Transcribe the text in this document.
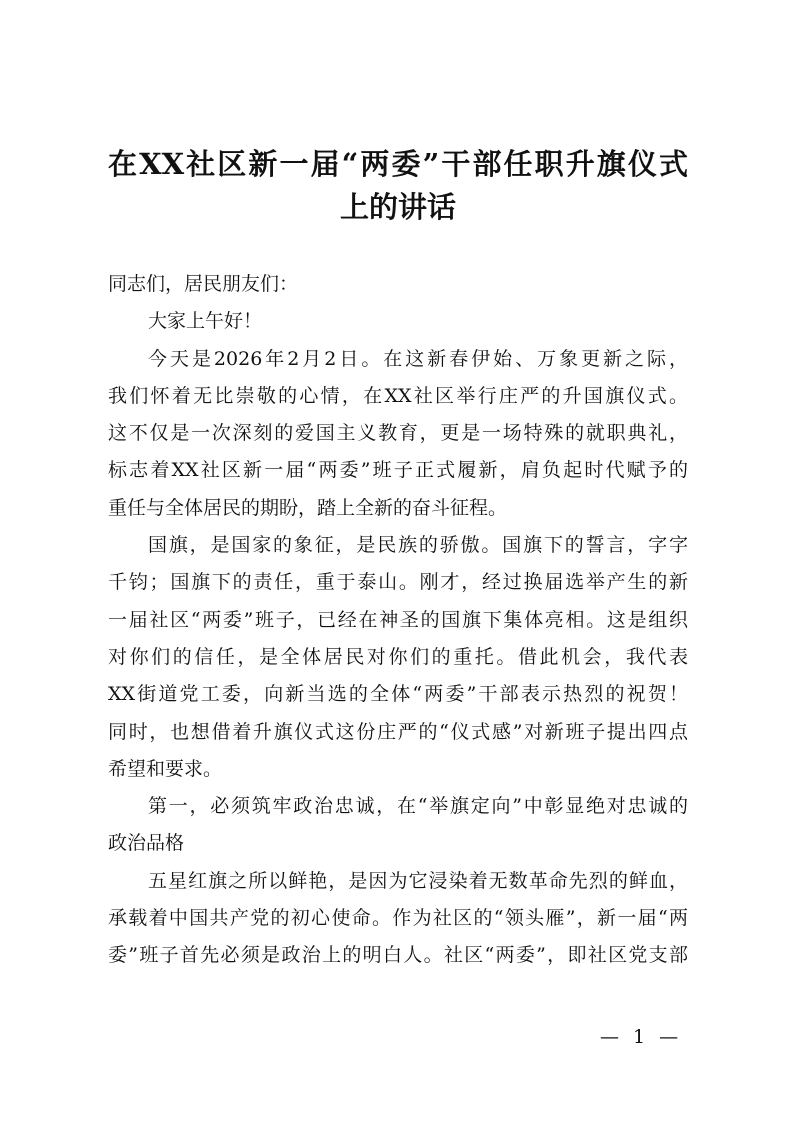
在XX社区新一届“两委”干部任职升旗仪式
上的讲话
同志们，居民朋友们：
大家上午好！
今天是2026年2月2日。在这新春伊始、万象更新之际，
我们怀着无比崇敬的心情，在XX社区举行庄严的升国旗仪式。
这不仅是一次深刻的爱国主义教育，更是一场特殊的就职典礼，
标志着XX社区新一届“两委”班子正式履新，肩负起时代赋予的
重任与全体居民的期盼，踏上全新的奋斗征程。
国旗，是国家的象征，是民族的骄傲。国旗下的誓言，字字
千钧；国旗下的责任，重于泰山。刚才，经过换届选举产生的新
一届社区“两委”班子，已经在神圣的国旗下集体亮相。这是组织
对你们的信任，是全体居民对你们的重托。借此机会，我代表
XX街道党工委，向新当选的全体“两委”干部表示热烈的祝贺！
同时，也想借着升旗仪式这份庄严的“仪式感”对新班子提出四点
希望和要求。
第一，必须筑牢政治忠诚，在“举旗定向”中彰显绝对忠诚的
政治品格
五星红旗之所以鲜艳，是因为它浸染着无数革命先烈的鲜血，
承载着中国共产党的初心使命。作为社区的“领头雁”，新一届“两
委”班子首先必须是政治上的明白人。社区“两委”，即社区党支部
— 1 —
